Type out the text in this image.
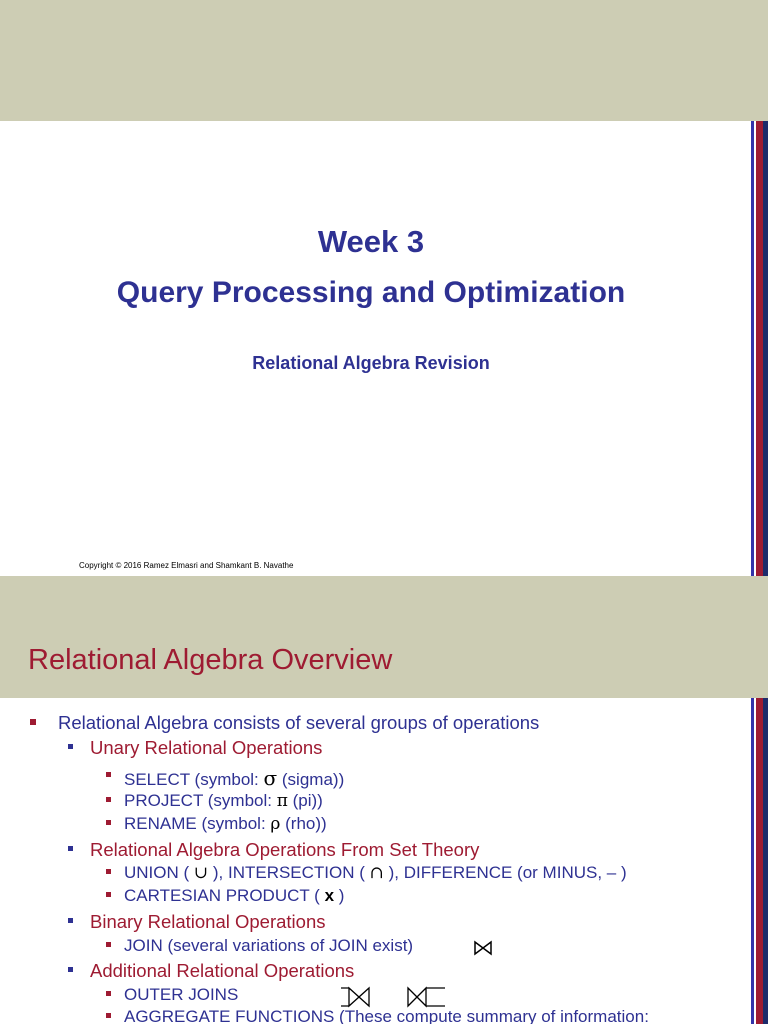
Week 3
Query Processing and Optimization
Relational Algebra Revision
Copyright © 2016 Ramez Elmasri and Shamkant B. Navathe
Relational Algebra Overview
Relational Algebra consists of several groups of operations
Unary Relational Operations
SELECT (symbol: σ (sigma))
PROJECT (symbol: π (pi))
RENAME (symbol: ρ (rho))
Relational Algebra Operations From Set Theory
UNION ( ∪ ), INTERSECTION ( ∩ ), DIFFERENCE (or MINUS, – )
CARTESIAN PRODUCT ( x )
Binary Relational Operations
JOIN (several variations of JOIN exist)
Additional Relational Operations
OUTER JOINS
AGGREGATE FUNCTIONS (These compute summary of information:
